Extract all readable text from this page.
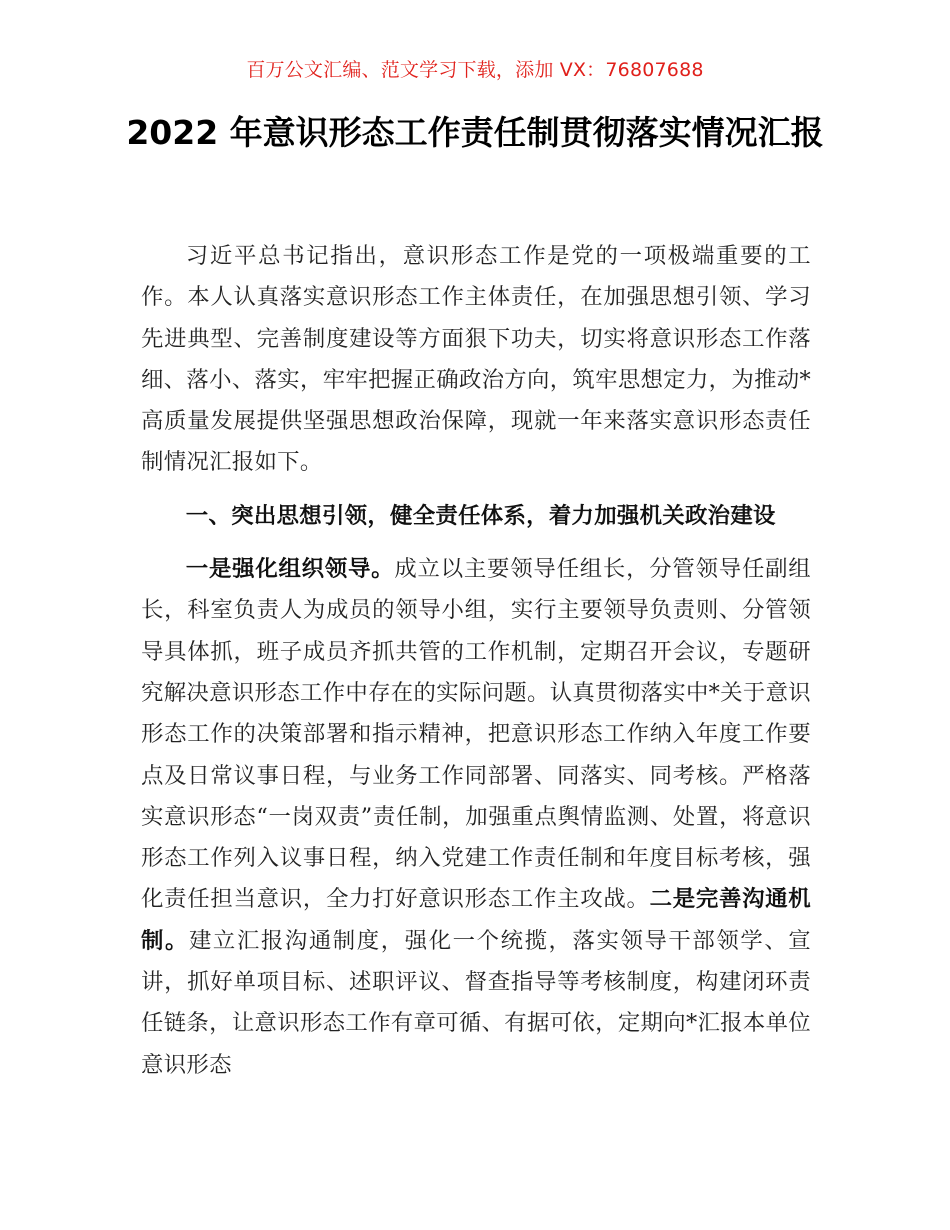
百万公文汇编、范文学习下载，添加 VX：76807688
2022 年意识形态工作责任制贯彻落实情况汇报

习近平总书记指出，意识形态工作是党的一项极端重要的工作。本人认真落实意识形态工作主体责任，在加强思想引领、学习先进典型、完善制度建设等方面狠下功夫，切实将意识形态工作落细、落小、落实，牢牢把握正确政治方向，筑牢思想定力，为推动*高质量发展提供坚强思想政治保障，现就一年来落实意识形态责任制情况汇报如下。

一、突出思想引领，健全责任体系，着力加强机关政治建设

一是强化组织领导。成立以主要领导任组长，分管领导任副组长，科室负责人为成员的领导小组，实行主要领导负责则、分管领导具体抓，班子成员齐抓共管的工作机制，定期召开会议，专题研究解决意识形态工作中存在的实际问题。认真贯彻落实中*关于意识形态工作的决策部署和指示精神，把意识形态工作纳入年度工作要点及日常议事日程，与业务工作同部署、同落实、同考核。严格落实意识形态“一岗双责”责任制，加强重点舆情监测、处置，将意识形态工作列入议事日程，纳入党建工作责任制和年度目标考核，强化责任担当意识，全力打好意识形态工作主攻战。二是完善沟通机制。建立汇报沟通制度，强化一个统揽，落实领导干部领学、宣讲，抓好单项目标、述职评议、督查指导等考核制度，构建闭环责任链条，让意识形态工作有章可循、有据可依，定期向*汇报本单位意识形态
